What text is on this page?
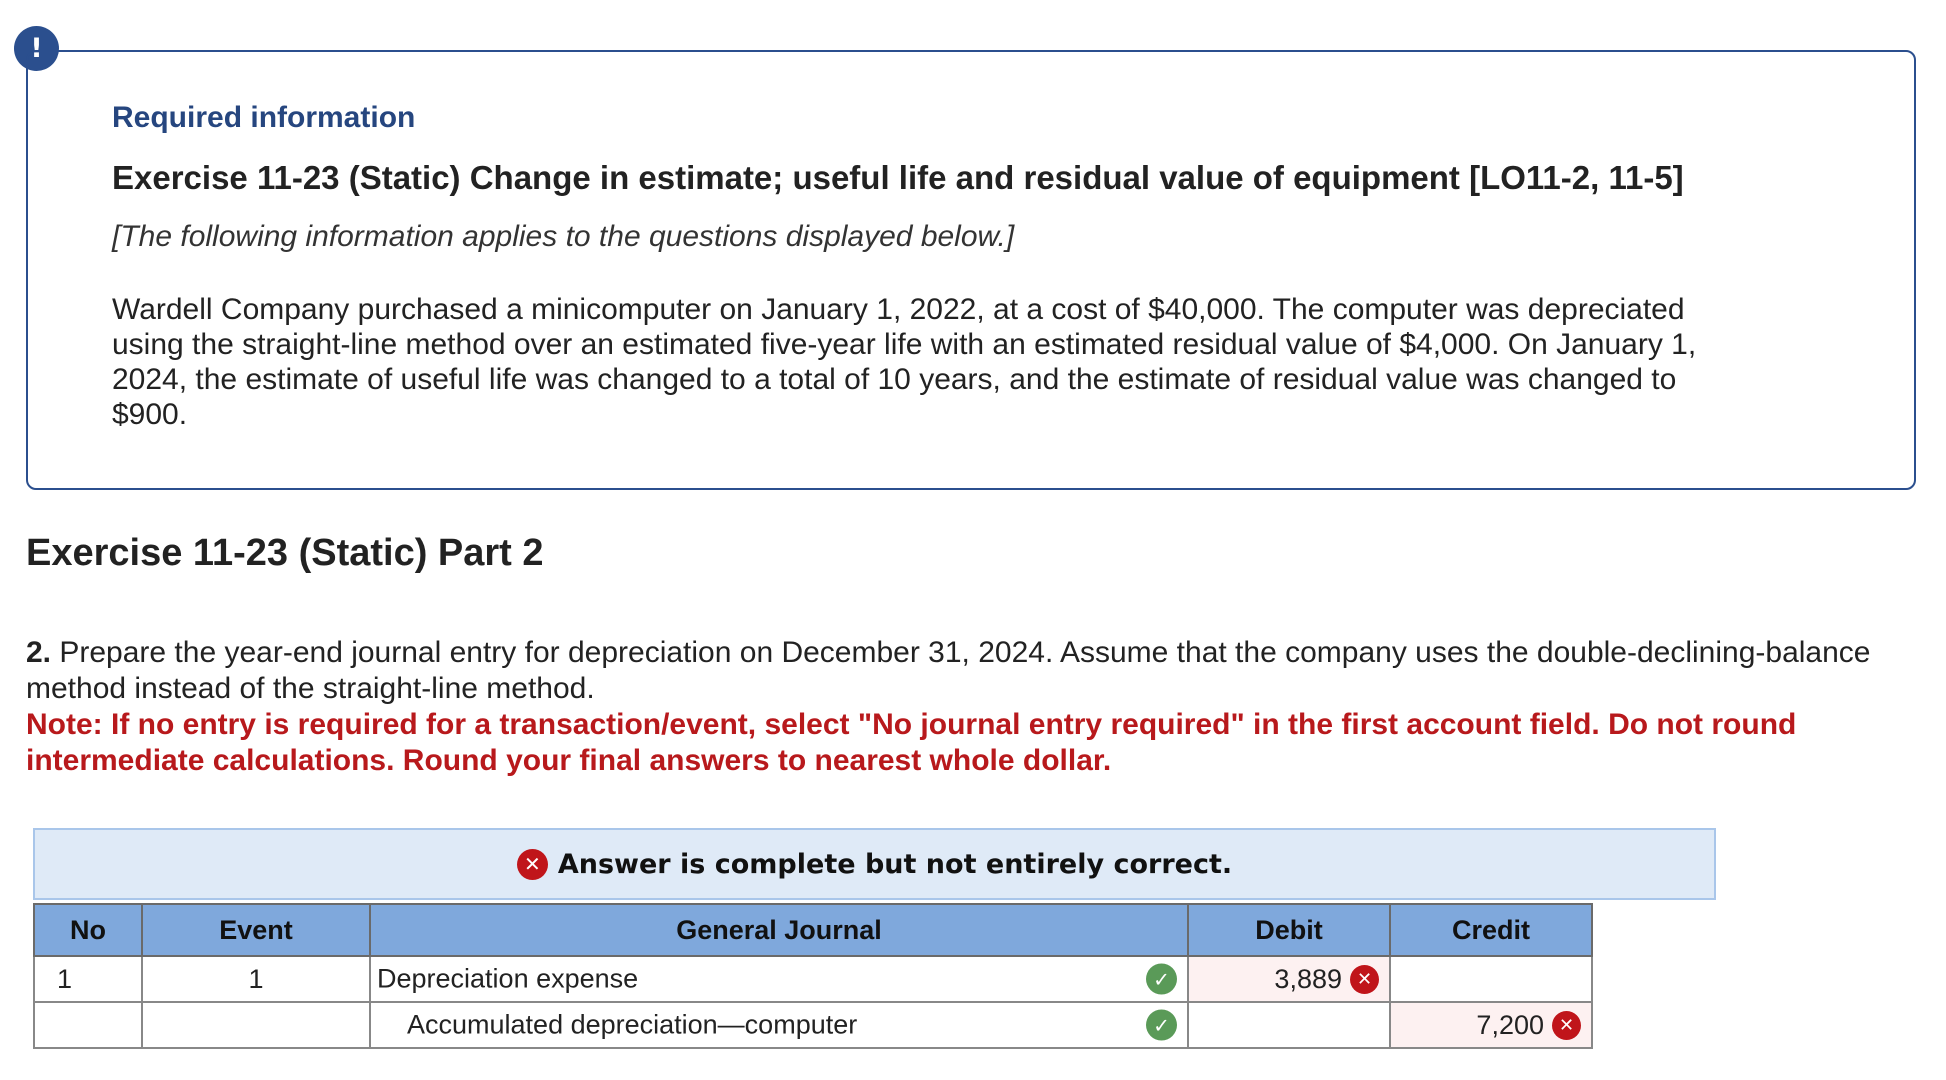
!
Required information
Exercise 11-23 (Static) Change in estimate; useful life and residual value of equipment [LO11-2, 11-5]
[The following information applies to the questions displayed below.]
Wardell Company purchased a minicomputer on January 1, 2022, at a cost of $40,000. The computer was depreciated
using the straight-line method over an estimated five-year life with an estimated residual value of $4,000. On January 1,
2024, the estimate of useful life was changed to a total of 10 years, and the estimate of residual value was changed to
$900.
Exercise 11-23 (Static) Part 2
2. Prepare the year-end journal entry for depreciation on December 31, 2024. Assume that the company uses the double-declining-balance method instead of the straight-line method.
Note: If no entry is required for a transaction/event, select "No journal entry required" in the first account field. Do not round intermediate calculations. Round your final answers to nearest whole dollar.
✕ Answer is complete but not entirely correct.
No	Event	General Journal	Debit	Credit
1	1	Depreciation expense ✓	3,889 ✕	

		Accumulated depreciation—computer ✓		7,200 ✕
